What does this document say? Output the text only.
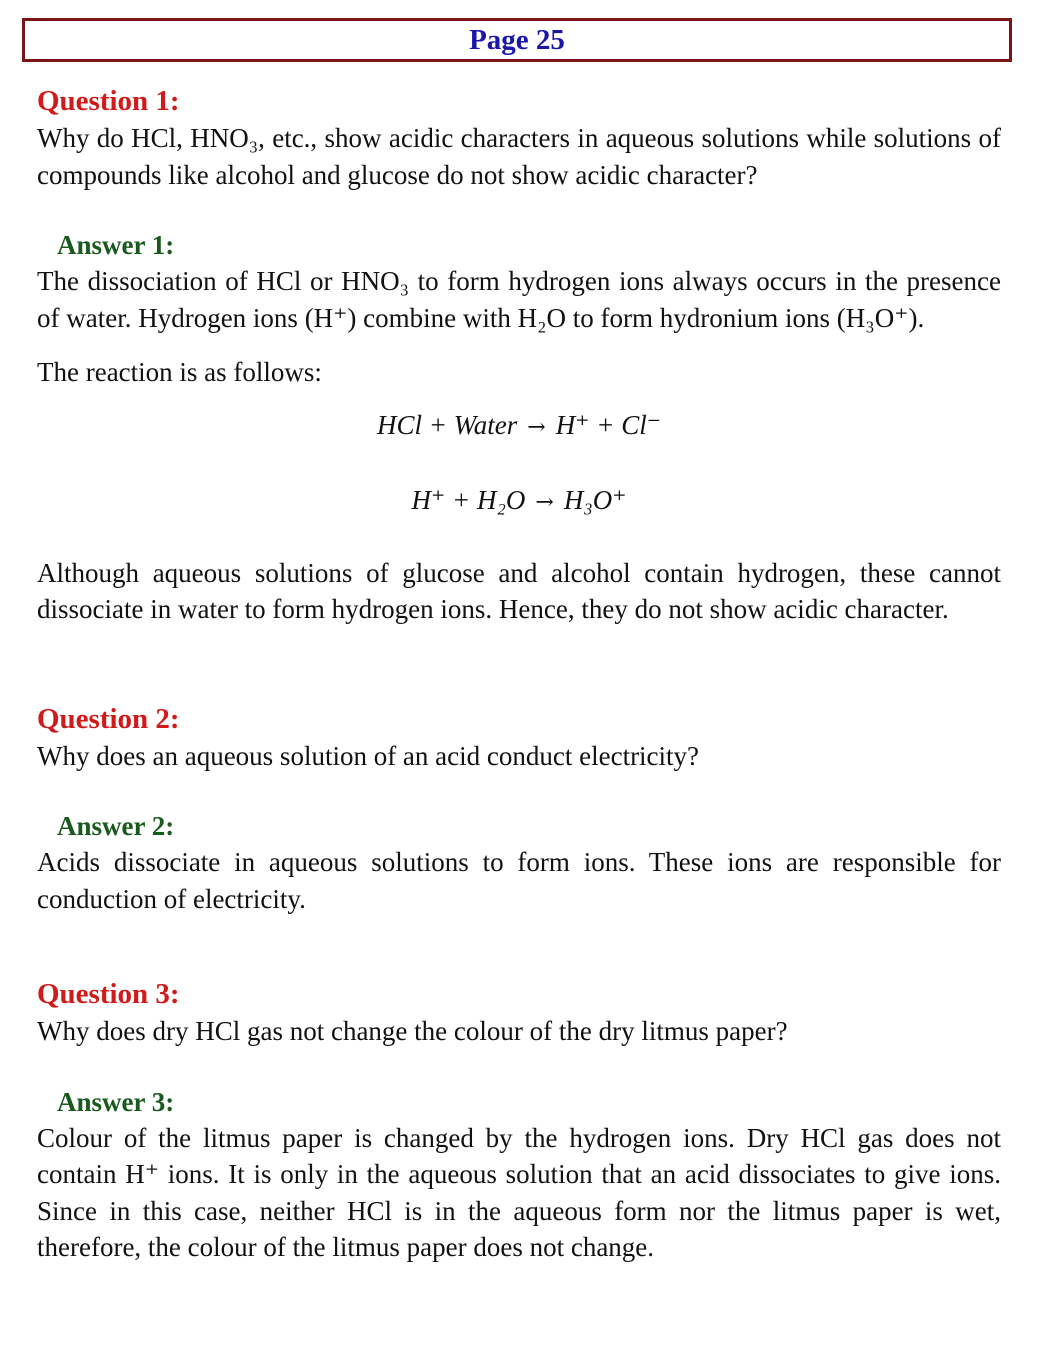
Page 25

Question 1:

Why do HCl, HNO₃, etc., show acidic characters in aqueous solutions while solutions of compounds like alcohol and glucose do not show acidic character?

Answer 1:

The dissociation of HCl or HNO₃ to form hydrogen ions always occurs in the presence of water. Hydrogen ions (H⁺) combine with H₂O to form hydronium ions (H₃O⁺).

The reaction is as follows:

HCl + Water → H⁺ + Cl⁻

H⁺ + H₂O → H₃O⁺

Although aqueous solutions of glucose and alcohol contain hydrogen, these cannot dissociate in water to form hydrogen ions. Hence, they do not show acidic character.

Question 2:

Why does an aqueous solution of an acid conduct electricity?

Answer 2:

Acids dissociate in aqueous solutions to form ions. These ions are responsible for conduction of electricity.

Question 3:

Why does dry HCl gas not change the colour of the dry litmus paper?

Answer 3:

Colour of the litmus paper is changed by the hydrogen ions. Dry HCl gas does not contain H⁺ ions. It is only in the aqueous solution that an acid dissociates to give ions. Since in this case, neither HCl is in the aqueous form nor the litmus paper is wet, therefore, the colour of the litmus paper does not change.
